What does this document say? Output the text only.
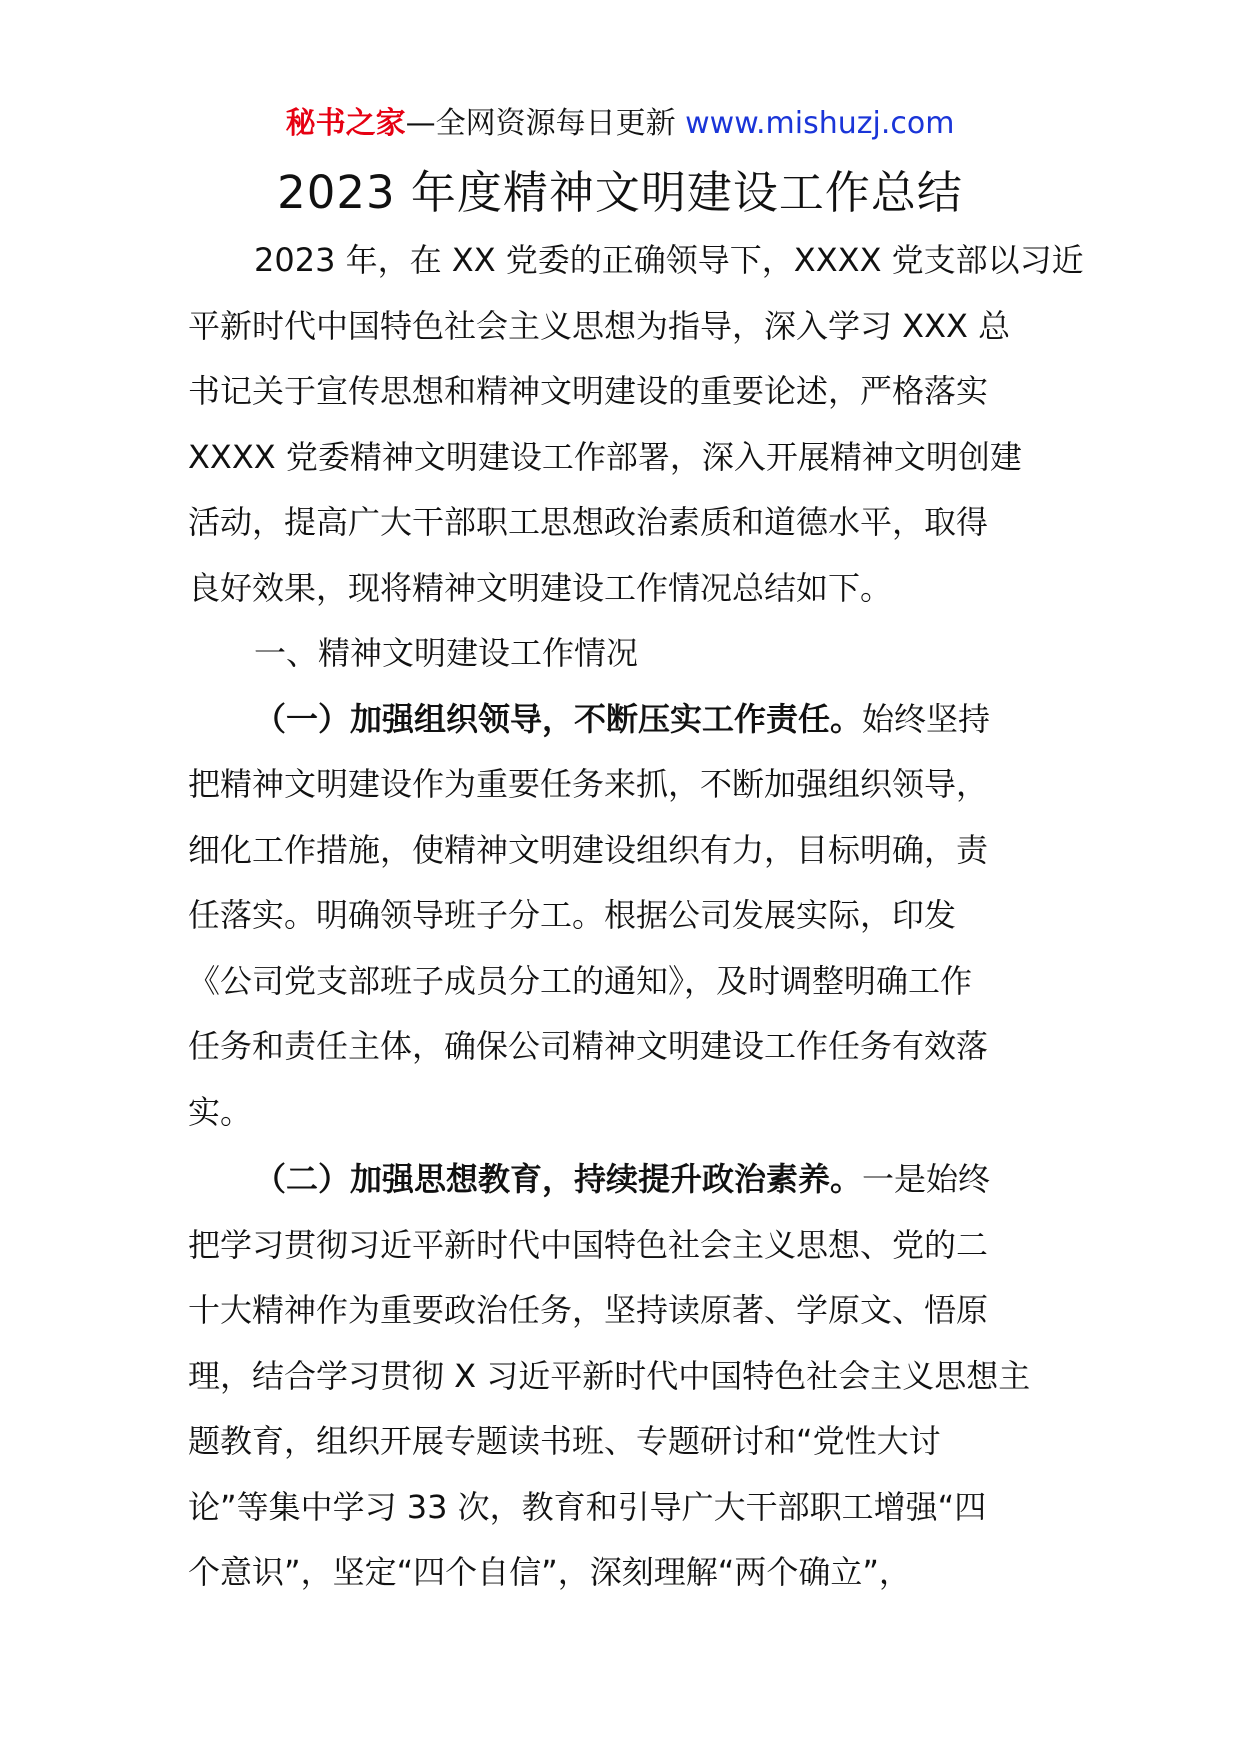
秘书之家—全网资源每日更新 www.mishuzj.com
2023 年度精神文明建设工作总结
2023 年，在 XX 党委的正确领导下，XXXX 党支部以习近
平新时代中国特色社会主义思想为指导，深入学习 XXX 总
书记关于宣传思想和精神文明建设的重要论述，严格落实
XXXX 党委精神文明建设工作部署，深入开展精神文明创建
活动，提高广大干部职工思想政治素质和道德水平，取得
良好效果，现将精神文明建设工作情况总结如下。
一、精神文明建设工作情况
（一）加强组织领导，不断压实工作责任。始终坚持
把精神文明建设作为重要任务来抓，不断加强组织领导，
细化工作措施，使精神文明建设组织有力，目标明确，责
任落实。明确领导班子分工。根据公司发展实际，印发
《公司党支部班子成员分工的通知》，及时调整明确工作
任务和责任主体，确保公司精神文明建设工作任务有效落
实。
（二）加强思想教育，持续提升政治素养。一是始终
把学习贯彻习近平新时代中国特色社会主义思想、党的二
十大精神作为重要政治任务，坚持读原著、学原文、悟原
理，结合学习贯彻 X 习近平新时代中国特色社会主义思想主
题教育，组织开展专题读书班、专题研讨和“党性大讨
论”等集中学习 33 次，教育和引导广大干部职工增强“四
个意识”，坚定“四个自信”，深刻理解“两个确立”，
